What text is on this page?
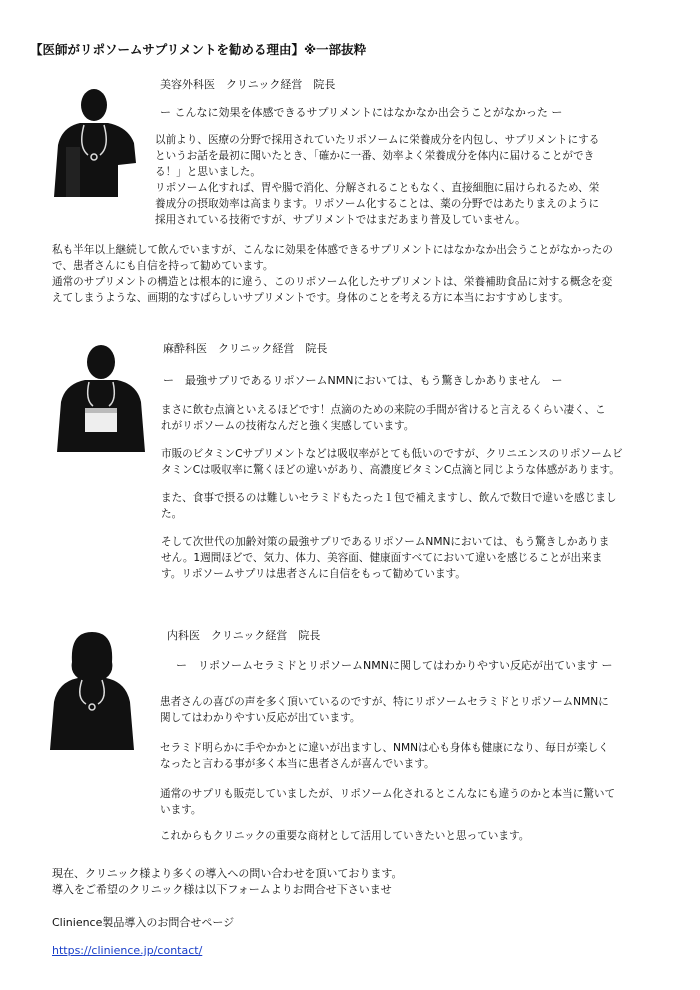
【医師がリポソームサプリメントを勧める理由】※一部抜粋
美容外科医　クリニック経営　院長
ー こんなに効果を体感できるサプリメントにはなかなか出会うことがなかった ー
以前より、医療の分野で採用されていたリポソームに栄養成分を内包し、サプリメントにする
というお話を最初に聞いたとき、「確かに一番、効率よく栄養成分を体内に届けることができ
る！」と思いました。
リポソーム化すれば、胃や腸で消化、分解されることもなく、直接細胞に届けられるため、栄
養成分の摂取効率は高まります。リポソーム化することは、薬の分野ではあたりまえのように
採用されている技術ですが、サプリメントではまだあまり普及していません。
私も半年以上継続して飲んでいますが、こんなに効果を体感できるサプリメントにはなかなか出会うことがなかったの
で、患者さんにも自信を持って勧めています。
通常のサプリメントの構造とは根本的に違う、このリポソーム化したサプリメントは、栄養補助食品に対する概念を変
えてしまうような、画期的なすばらしいサプリメントです。身体のことを考える方に本当におすすめします。
麻酔科医　クリニック経営　院長
ー　最強サプリであるリポソームNMNにおいては、もう驚きしかありません　ー
まさに飲む点滴といえるほどです！点滴のための来院の手間が省けると言えるくらい凄く、こ
れがリポソームの技術なんだと強く実感しています。
市販のビタミンCサプリメントなどは吸収率がとても低いのですが、クリニエンスのリポソームビ
タミンCは吸収率に驚くほどの違いがあり、高濃度ビタミンC点滴と同じような体感があります。
また、食事で摂るのは難しいセラミドもたった１包で補えますし、飲んで数日で違いを感じまし
た。
そして次世代の加齢対策の最強サプリであるリポソームNMNにおいては、もう驚きしかありま
せん。1週間ほどで、気力、体力、美容面、健康面すべてにおいて違いを感じることが出来ま
す。リポソームサプリは患者さんに自信をもって勧めています。
内科医　クリニック経営　院長
ー　リポソームセラミドとリポソームNMNに関してはわかりやすい反応が出ています ー
患者さんの喜びの声を多く頂いているのですが、特にリポソームセラミドとリポソームNMNに
関してはわかりやすい反応が出ています。
セラミド明らかに手やかかとに違いが出ますし、NMNは心も身体も健康になり、毎日が楽しく
なったと言わる事が多く本当に患者さんが喜んでいます。
通常のサプリも販売していましたが、リポソーム化されるとこんなにも違うのかと本当に驚いて
います。
これからもクリニックの重要な商材として活用していきたいと思っています。
現在、クリニック様より多くの導入への問い合わせを頂いております。
導入をご希望のクリニック様は以下フォームよりお問合せ下さいませ
Clinience製品導入のお問合せページ
https://clinience.jp/contact/
